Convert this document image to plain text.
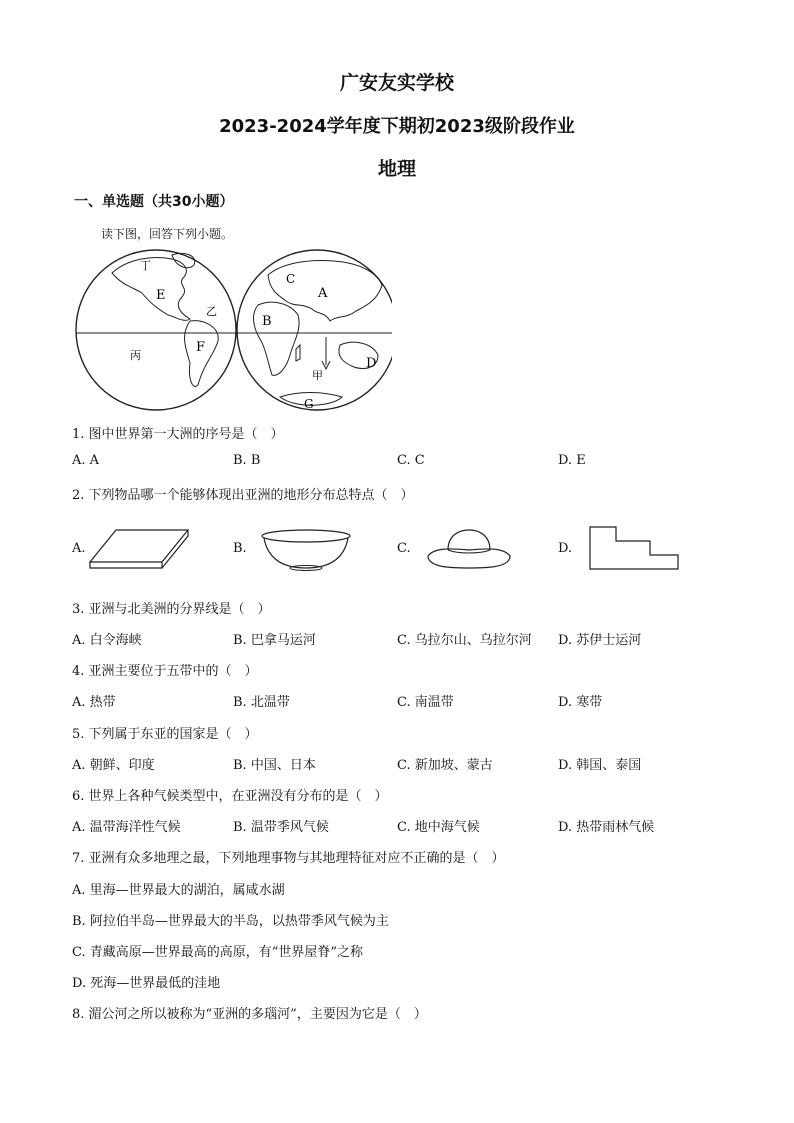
广安友实学校
2023-2024学年度下期初2023级阶段作业
地理
一、单选题（共30小题）
读下图，回答下列小题。
丁
E
乙
F
丙
C
A
B
D
甲
G
1. 图中世界第一大洲的序号是（　）
A. A	B. B	C. C	D. E
2. 下列物品哪一个能够体现出亚洲的地形分布总特点（　）
A.	B.	C.	D.
3. 亚洲与北美洲的分界线是（　）
A. 白令海峡	B. 巴拿马运河	C. 乌拉尔山、乌拉尔河 D. 苏伊士运河
4. 亚洲主要位于五带中的（　）
A. 热带	B. 北温带	C. 南温带	D. 寒带
5. 下列属于东亚的国家是（　）
A. 朝鲜、印度	B. 中国、日本	C. 新加坡、蒙古	D. 韩国、泰国
6. 世界上各种气候类型中，在亚洲没有分布的是（　）
A. 温带海洋性气候	B. 温带季风气候	C. 地中海气候	D. 热带雨林气候
7. 亚洲有众多地理之最，下列地理事物与其地理特征对应不正确的是（　）
A. 里海—世界最大的湖泊，属咸水湖
B. 阿拉伯半岛—世界最大的半岛，以热带季风气候为主
C. 青藏高原—世界最高的高原，有“世界屋脊”之称
D. 死海—世界最低的洼地
8. 湄公河之所以被称为“亚洲的多瑙河”，主要因为它是（　）
